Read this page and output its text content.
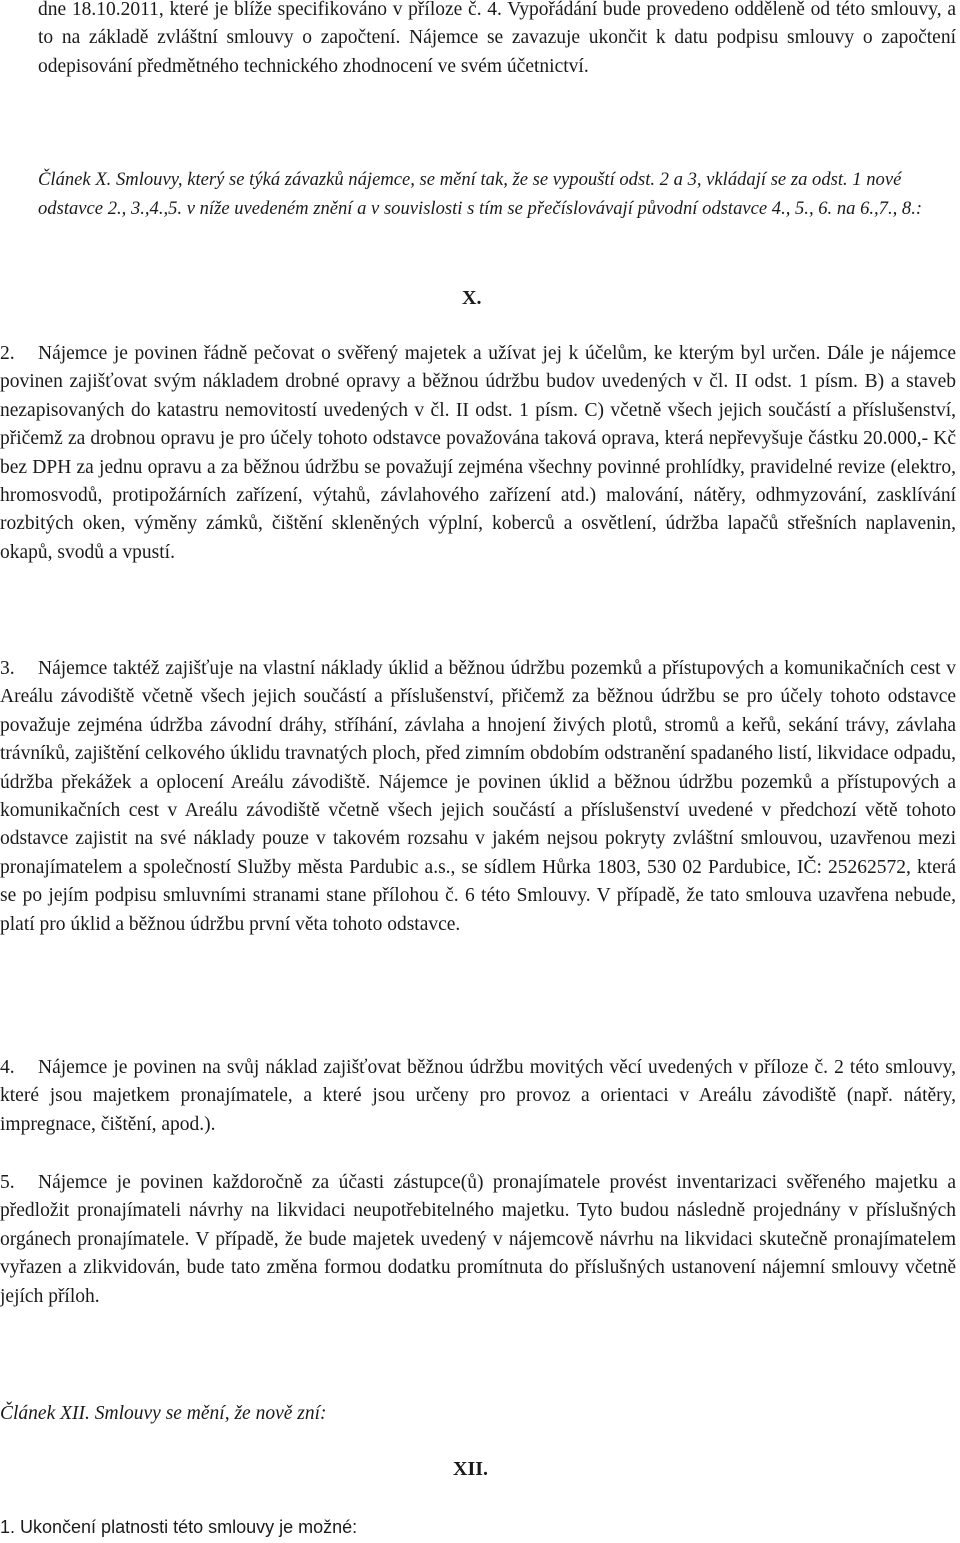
dne 18.10.2011, které je blíže specifikováno v příloze č. 4. Vypořádání bude provedeno odděleně od této smlouvy, a to na základě zvláštní smlouvy o započtení. Nájemce se zavazuje ukončit k datu podpisu smlouvy o započtení odepisování předmětného technického zhodnocení ve svém účetnictví.

Článek X. Smlouvy, který se týká závazků nájemce, se mění tak, že se vypouští odst. 2 a 3, vkládají se za odst. 1 nové odstavce 2., 3.,4.,5. v níže uvedeném znění a v souvislosti s tím se přečíslovávají původní odstavce 4., 5., 6. na 6.,7., 8.:

X.

2.	Nájemce je povinen řádně pečovat o svěřený majetek a užívat jej k účelům, ke kterým byl určen. Dále je nájemce povinen zajišťovat svým nákladem drobné opravy a běžnou údržbu budov uvedených v čl. II odst. 1 písm. B) a staveb nezapisovaných do katastru nemovitostí uvedených v čl. II odst. 1 písm. C) včetně všech jejich součástí a příslušenství, přičemž za drobnou opravu je pro účely tohoto odstavce považována taková oprava, která nepřevyšuje částku 20.000,- Kč bez DPH za jednu opravu a za běžnou údržbu se považují zejména všechny povinné prohlídky, pravidelné revize (elektro, hromosvodů, protipožárních zařízení, výtahů, závlahového zařízení atd.) malování, nátěry, odhmyzování, zasklívání rozbitých oken, výměny zámků, čištění skleněných výplní, koberců a osvětlení, údržba lapačů střešních naplavenin, okapů, svodů a vpustí.
3.	Nájemce taktéž zajišťuje na vlastní náklady úklid a běžnou údržbu pozemků a přístupových a komunikačních cest v Areálu závodiště včetně všech jejich součástí a příslušenství, přičemž za běžnou údržbu se pro účely tohoto odstavce považuje zejména údržba závodní dráhy, stříhání, závlaha a hnojení živých plotů, stromů a keřů, sekání trávy, závlaha trávníků, zajištění celkového úklidu travnatých ploch, před zimním obdobím odstranění spadaného listí, likvidace odpadu, údržba překážek a oplocení Areálu závodiště. Nájemce je povinen úklid a běžnou údržbu pozemků a přístupových a komunikačních cest v Areálu závodiště včetně všech jejich součástí a příslušenství uvedené v předchozí větě tohoto odstavce zajistit na své náklady pouze v takovém rozsahu v jakém nejsou pokryty zvláštní smlouvou, uzavřenou mezi pronajímatelem a společností Služby města Pardubic a.s., se sídlem Hůrka 1803, 530 02 Pardubice, IČ: 25262572, která se po jejím podpisu smluvními stranami stane přílohou č. 6 této Smlouvy. V případě, že tato smlouva uzavřena nebude, platí pro úklid a běžnou údržbu první věta tohoto odstavce.
4.	Nájemce je povinen na svůj náklad zajišťovat běžnou údržbu movitých věcí uvedených v příloze č. 2 této smlouvy, které jsou majetkem pronajímatele, a které jsou určeny pro provoz a orientaci v Areálu závodiště (např. nátěry, impregnace, čištění, apod.).
5.	Nájemce je povinen každoročně za účasti zástupce(ů) pronajímatele provést inventarizaci svěřeného majetku a předložit pronajímateli návrhy na likvidaci neupotřebitelného majetku. Tyto budou následně projednány v příslušných orgánech pronajímatele. V případě, že bude majetek uvedený v nájemcově návrhu na likvidaci skutečně pronajímatelem vyřazen a zlikvidován, bude tato změna formou dodatku promítnuta do příslušných ustanovení nájemní smlouvy včetně jejích příloh.

Článek XII. Smlouvy se mění, že nově zní:

XII.

1. Ukončení platnosti této smlouvy je možné:
